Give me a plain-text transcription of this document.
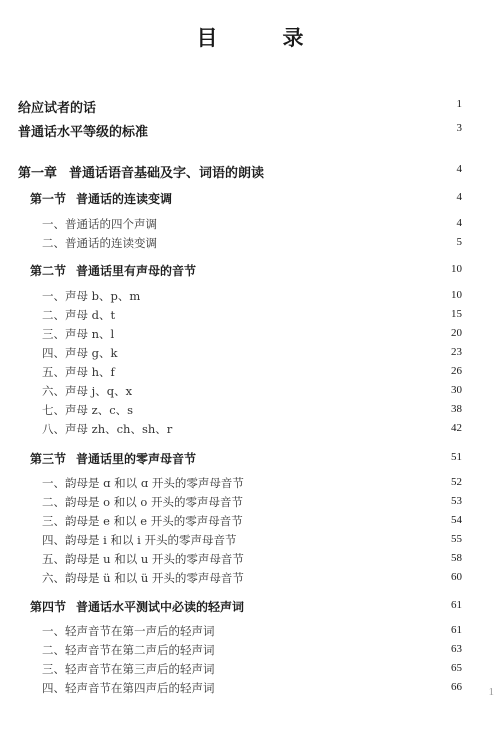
目　录
给应试者的话	1
普通话水平等级的标准	3
第一章 普通话语音基础及字、词语的朗读	4
第一节 普通话的连读变调	4
一、普通话的四个声调	4
二、普通话的连读变调	5
第二节 普通话里有声母的音节	10
一、声母 b、p、m	10
二、声母 d、t	15
三、声母 n、l	20
四、声母 g、k	23
五、声母 h、f	26
六、声母 j、q、x	30
七、声母 z、c、s	38
八、声母 zh、ch、sh、r	42
第三节 普通话里的零声母音节	51
一、韵母是 ɑ 和以 ɑ 开头的零声母音节	52
二、韵母是 o 和以 o 开头的零声母音节	53
三、韵母是 e 和以 e 开头的零声母音节	54
四、韵母是 i 和以 i 开头的零声母音节	55
五、韵母是 u 和以 u 开头的零声母音节	58
六、韵母是 ü 和以 ü 开头的零声母音节	60
第四节 普通话水平测试中必读的轻声词	61
一、轻声音节在第一声后的轻声词	61
二、轻声音节在第二声后的轻声词	63
三、轻声音节在第三声后的轻声词	65
四、轻声音节在第四声后的轻声词	66 1
